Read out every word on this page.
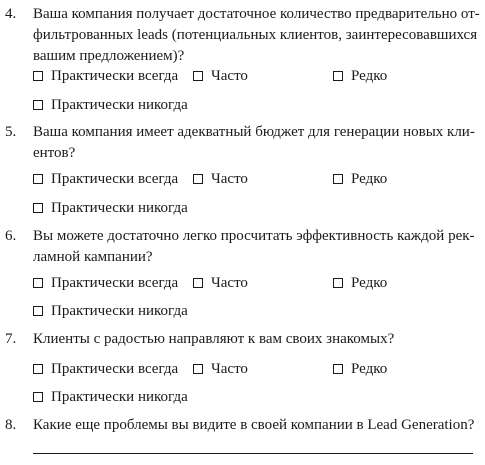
4. Ваша компания получает достаточное количество предварительно от-
фильтрованных leads (потенциальных клиентов, заинтересовавшихся
вашим предложением)?
Практически всегда	Часто	Редко
Практически никогда
5. Ваша компания имеет адекватный бюджет для генерации новых кли-
ентов?
Практически всегда	Часто	Редко
Практически никогда
6. Вы можете достаточно легко просчитать эффективность каждой рек-
ламной кампании?
Практически всегда	Часто	Редко
Практически никогда
7. Клиенты с радостью направляют к вам своих знакомых?
Практически всегда	Часто	Редко
Практически никогда
8. Какие еще проблемы вы видите в своей компании в Lead Generation?
